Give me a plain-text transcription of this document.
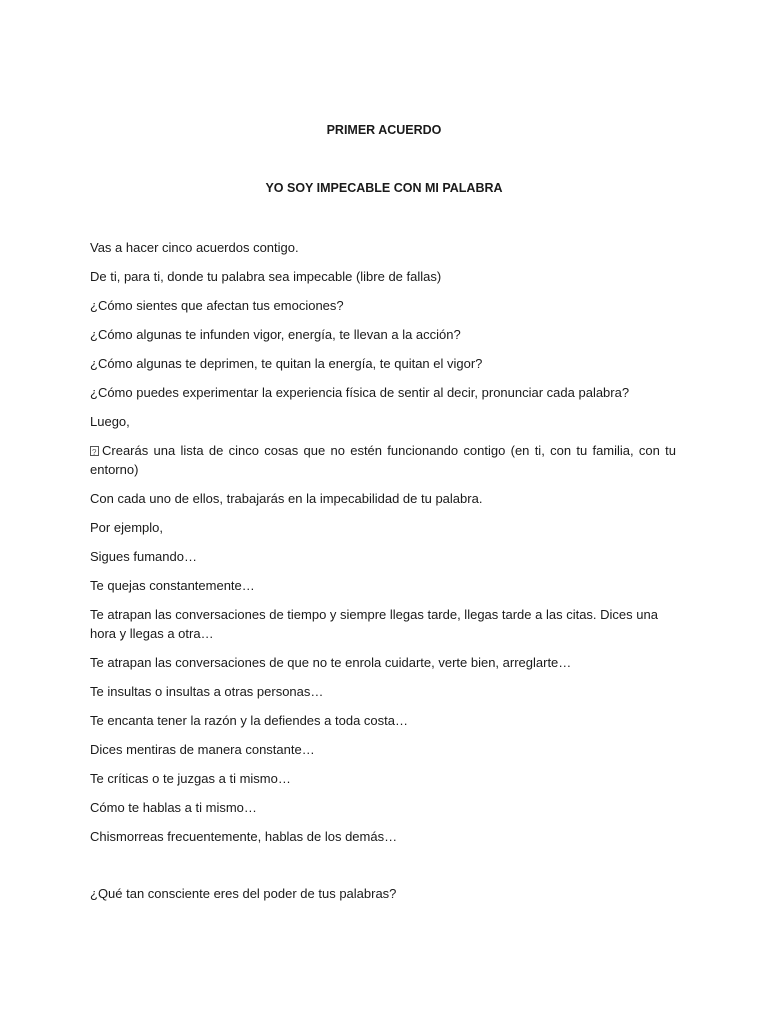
PRIMER ACUERDO
YO SOY IMPECABLE CON MI PALABRA

Vas a hacer cinco acuerdos contigo.

De ti, para ti, donde tu palabra sea impecable (libre de fallas)

¿Cómo sientes que afectan tus emociones?

¿Cómo algunas te infunden vigor, energía, te llevan a la acción?

¿Cómo algunas te deprimen, te quitan la energía, te quitan el vigor?

¿Cómo puedes experimentar la experiencia física de sentir al decir, pronunciar cada palabra?

Luego,

?Crearás una lista de cinco cosas que no estén funcionando contigo (en ti, con tu familia, con tu entorno)

Con cada uno de ellos, trabajarás en la impecabilidad de tu palabra.

Por ejemplo,

Sigues fumando…

Te quejas constantemente…

Te atrapan las conversaciones de tiempo y siempre llegas tarde, llegas tarde a las citas. Dices una hora y llegas a otra…

Te atrapan las conversaciones de que no te enrola cuidarte, verte bien, arreglarte…

Te insultas o insultas a otras personas…

Te encanta tener la razón y la defiendes a toda costa…

Dices mentiras de manera constante…

Te críticas o te juzgas a ti mismo…

Cómo te hablas a ti mismo…

Chismorreas frecuentemente, hablas de los demás…

¿Qué tan consciente eres del poder de tus palabras?
